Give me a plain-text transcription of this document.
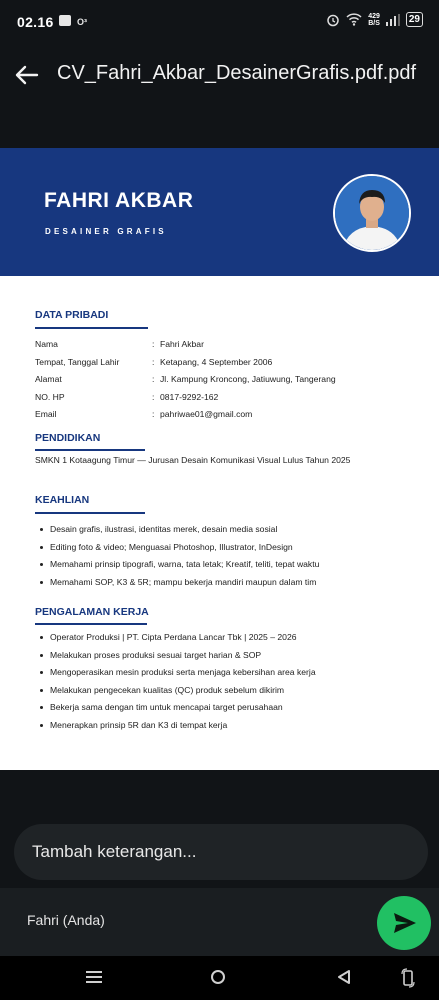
02.16	O³
429
B/S	29
CV_Fahri_Akbar_DesainerGrafis.pdf.pdf
FAHRI AKBAR
DESAINER GRAFIS
DATA PRIBADI
Nama	: Fahri Akbar
Tempat, Tanggal Lahir	: Ketapang, 4 September 2006
Alamat	: Jl. Kampung Kroncong, Jatiuwung, Tangerang
NO. HP	: 0817-9292-162
Email	: pahriwae01@gmail.com
PENDIDIKAN
SMKN 1 Kotaagung Timur — Jurusan Desain Komunikasi Visual Lulus Tahun 2025
KEAHLIAN
Desain grafis, ilustrasi, identitas merek, desain media sosial
Editing foto & video; Menguasai Photoshop, Illustrator, InDesign
Memahami prinsip tipografi, warna, tata letak; Kreatif, teliti, tepat waktu
Memahami SOP, K3 & 5R; mampu bekerja mandiri maupun dalam tim
PENGALAMAN KERJA
Operator Produksi | PT. Cipta Perdana Lancar Tbk | 2025 – 2026
Melakukan proses produksi sesuai target harian & SOP
Mengoperasikan mesin produksi serta menjaga kebersihan area kerja
Melakukan pengecekan kualitas (QC) produk sebelum dikirim
Bekerja sama dengan tim untuk mencapai target perusahaan
Menerapkan prinsip 5R dan K3 di tempat kerja
Tambah keterangan...
Fahri (Anda)
